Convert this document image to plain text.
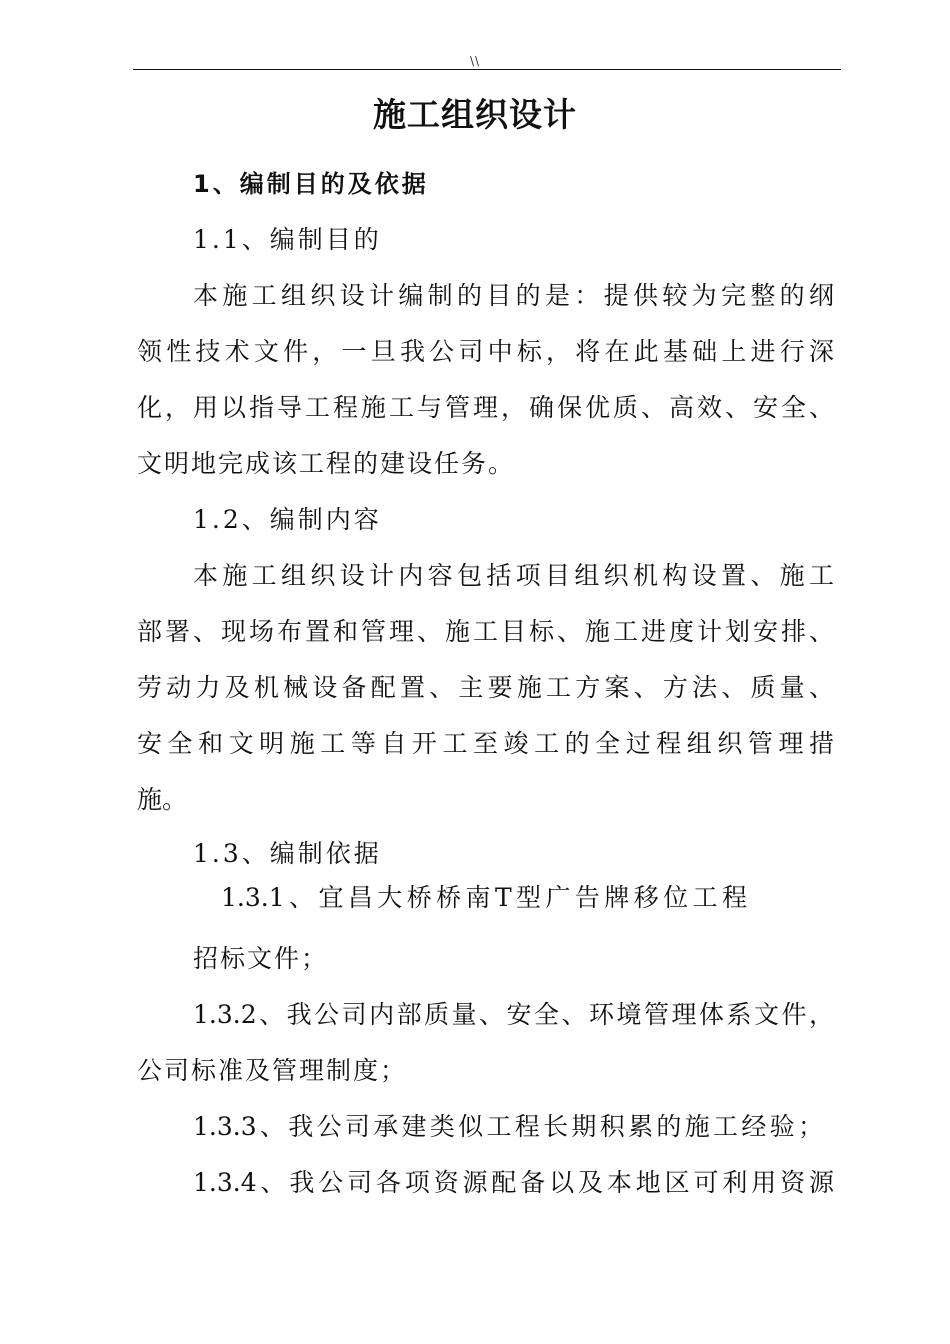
\\
施工组织设计
1、编制目的及依据
1.1、编制目的
本施工组织设计编制的目的是：提供较为完整的纲
领性技术文件，一旦我公司中标，将在此基础上进行深
化，用以指导工程施工与管理，确保优质、高效、安全、
文明地完成该工程的建设任务。
1.2、编制内容
本施工组织设计内容包括项目组织机构设置、施工
部署、现场布置和管理、施工目标、施工进度计划安排、
劳动力及机械设备配置、主要施工方案、方法、质量、
安全和文明施工等自开工至竣工的全过程组织管理措
施。
1.3、编制依据
1.3.1、宜昌大桥桥南T型广告牌移位工程
招标文件；
1.3.2、我公司内部质量、安全、环境管理体系文件，
公司标准及管理制度；
1.3.3、我公司承建类似工程长期积累的施工经验；
1.3.4、我公司各项资源配备以及本地区可利用资源
